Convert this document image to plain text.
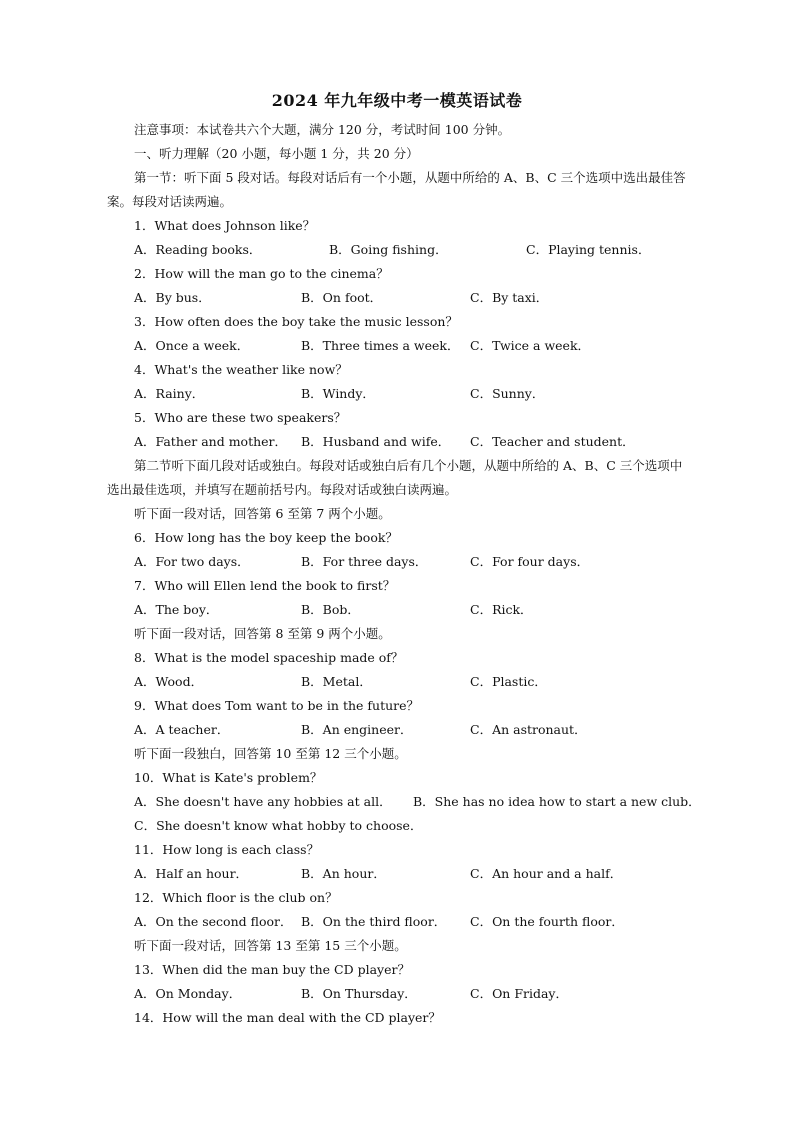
2024 年九年级中考一模英语试卷
注意事项：本试卷共六个大题，满分 120 分，考试时间 100 分钟。
一、听力理解（20 小题，每小题 1 分，共 20 分）
第一节：听下面 5 段对话。每段对话后有一个小题，从题中所给的 A、B、C 三个选项中选出最佳答案。每段对话读两遍。
1．What does Johnson like？
A．Reading books．	B．Going fishing．	C．Playing tennis．
2．How will the man go to the cinema？
A．By bus．	B．On foot．	C．By taxi．
3．How often does the boy take the music lesson？
A．Once a week．	B．Three times a week． C．Twice a week．
4．What's the weather like now？
A．Rainy．	B．Windy．	C．Sunny．
5．Who are these two speakers？
A．Father and mother． B．Husband and wife． C．Teacher and student．
第二节听下面几段对话或独白。每段对话或独白后有几个小题，从题中所给的 A、B、C 三个选项中选出最佳选项，并填写在题前括号内。每段对话或独白读两遍。
听下面一段对话，回答第 6 至第 7 两个小题。
6．How long has the boy keep the book？
A．For two days．	B．For three days．	C．For four days．
7．Who will Ellen lend the book to first？
A．The boy．	B．Bob．	C．Rick．
听下面一段对话，回答第 8 至第 9 两个小题。
8．What is the model spaceship made of？
A．Wood．	B．Metal．	C．Plastic．
9．What does Tom want to be in the future？
A．A teacher．	B．An engineer．	C．An astronaut．
听下面一段独白，回答第 10 至第 12 三个小题。
10．What is Kate's problem？
A．She doesn't have any hobbies at all． B．She has no idea how to start a new club．
C．She doesn't know what hobby to choose．
11．How long is each class？
A．Half an hour．	B．An hour．	C．An hour and a half．
12．Which floor is the club on？
A．On the second floor． B．On the third floor． C．On the fourth floor．
听下面一段对话，回答第 13 至第 15 三个小题。
13．When did the man buy the CD player？
A．On Monday．	B．On Thursday．	C．On Friday．
14．How will the man deal with the CD player？
